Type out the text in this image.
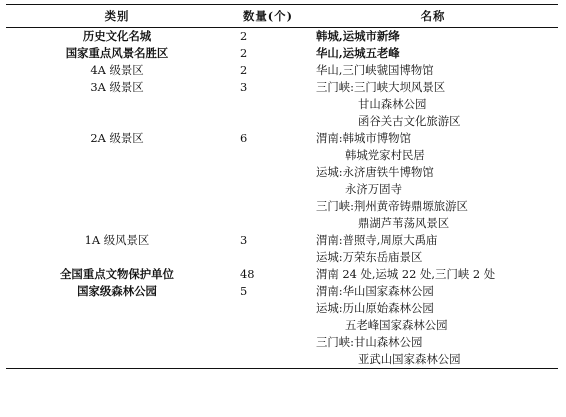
类别	数量(个)	名称
历史文化名城	2	韩城,运城市新绛
国家重点风景名胜区	2	华山,运城五老峰
4A 级景区	2	华山,三门峡虢国博物馆
3A 级景区	3	三门峡:三门峡大坝风景区
		甘山森林公园
		函谷关古文化旅游区
2A 级景区	6	渭南:韩城市博物馆
		韩城党家村民居
		运城:永济唐铁牛博物馆
		永济万固寺
		三门峡:荆州黄帝铸鼎塬旅游区
		鼎湖芦苇荡风景区
1A 级风景区	3	渭南:普照寺,周原大禹庙
		运城:万荣东岳庙景区
全国重点文物保护单位	48	渭南 24 处,运城 22 处,三门峡 2 处
国家级森林公园	5	渭南:华山国家森林公园
		运城:历山原始森林公园
		五老峰国家森林公园
		三门峡:甘山森林公园
		亚武山国家森林公园
